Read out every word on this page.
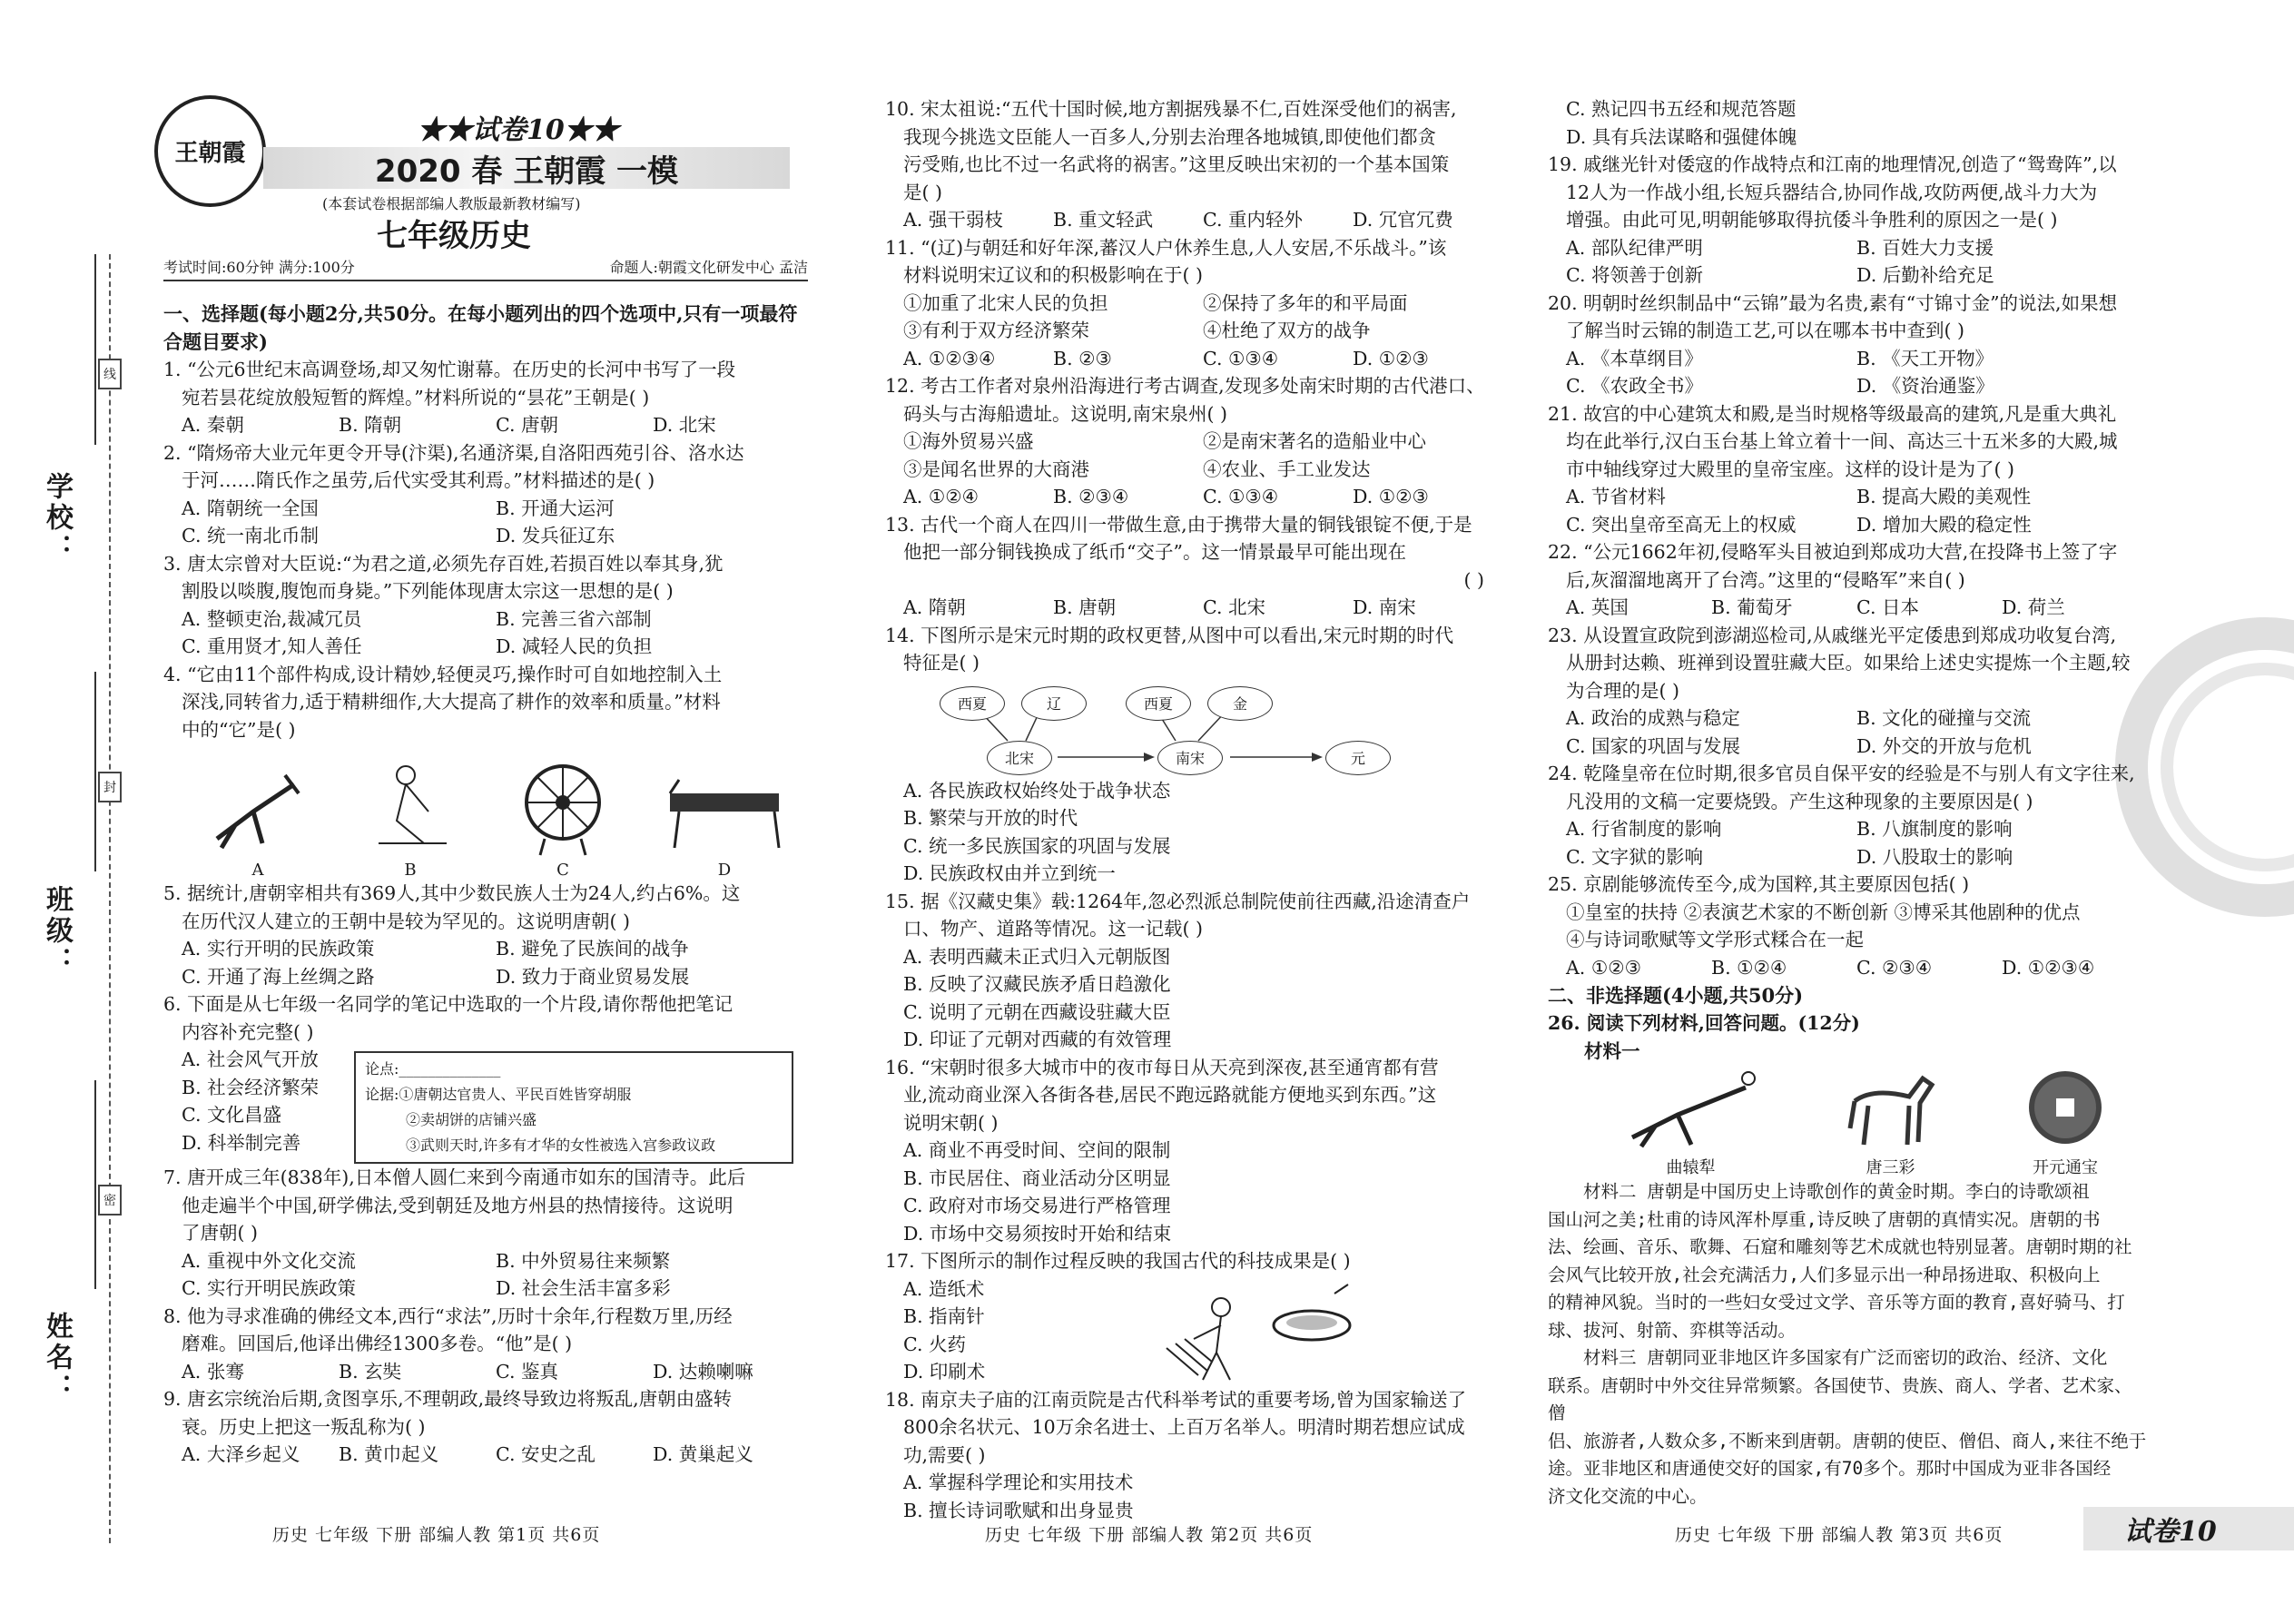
学校：
班级：
姓名：
线
封
密
王朝霞
★★试卷10★★
2020 春 王朝霞 一模
(本套试卷根据部编人教版最新教材编写)
七年级历史
考试时间:60分钟 满分:100分	命题人:朝霞文化研发中心 孟洁

一、选择题(每小题2分,共50分。在每小题列出的四个选项中,只有一项最符合题目要求)

1. “公元6世纪末高调登场,却又匆忙谢幕。在历史的长河中书写了一段

宛若昙花绽放般短暂的辉煌。”材料所说的“昙花”王朝是( )

A. 秦朝	B. 隋朝	C. 唐朝	D. 北宋

2. “隋炀帝大业元年更令开导(汴渠),名通济渠,自洛阳西苑引谷、洛水达

于河……隋氏作之虽劳,后代实受其利焉。”材料描述的是( )

A. 隋朝统一全国	B. 开通大运河
C. 统一南北币制	D. 发兵征辽东

3. 唐太宗曾对大臣说:“为君之道,必须先存百姓,若损百姓以奉其身,犹

割股以啖腹,腹饱而身毙。”下列能体现唐太宗这一思想的是( )

A. 整顿吏治,裁减冗员	B. 完善三省六部制
C. 重用贤才,知人善任	D. 减轻人民的负担

4. “它由11个部件构成,设计精妙,轻便灵巧,操作时可自如地控制入土

深浅,同转省力,适于精耕细作,大大提高了耕作的效率和质量。”材料

中的“它”是( )

A	B	C	D

5. 据统计,唐朝宰相共有369人,其中少数民族人士为24人,约占6%。这

在历代汉人建立的王朝中是较为罕见的。这说明唐朝( )

A. 实行开明的民族政策	B. 避免了民族间的战争
C. 开通了海上丝绸之路	D. 致力于商业贸易发展

6. 下面是从七年级一名同学的笔记中选取的一个片段,请你帮他把笔记

内容补充完整( )

A. 社会风气开放
B. 社会经济繁荣
C. 文化昌盛
D. 科举制完善
论点:______________
论据:①唐朝达官贵人、平民百姓皆穿胡服
②卖胡饼的店铺兴盛
③武则天时,许多有才华的女性被选入宫参政议政

7. 唐开成三年(838年),日本僧人圆仁来到今南通市如东的国清寺。此后

他走遍半个中国,研学佛法,受到朝廷及地方州县的热情接待。这说明

了唐朝( )

A. 重视中外文化交流	B. 中外贸易往来频繁
C. 实行开明民族政策	D. 社会生活丰富多彩

8. 他为寻求准确的佛经文本,西行“求法”,历时十余年,行程数万里,历经

磨难。回国后,他译出佛经1300多卷。“他”是( )

A. 张骞	B. 玄奘	C. 鉴真	D. 达赖喇嘛

9. 唐玄宗统治后期,贪图享乐,不理朝政,最终导致边将叛乱,唐朝由盛转

衰。历史上把这一叛乱称为( )

A. 大泽乡起义	B. 黄巾起义	C. 安史之乱	D. 黄巢起义
历史 七年级 下册 部编人教 第1页 共6页

10. 宋太祖说:“五代十国时候,地方割据残暴不仁,百姓深受他们的祸害,

我现今挑选文臣能人一百多人,分别去治理各地城镇,即使他们都贪

污受贿,也比不过一名武将的祸害。”这里反映出宋初的一个基本国策

是( )

A. 强干弱枝	B. 重文轻武	C. 重内轻外	D. 冗官冗费

11. “(辽)与朝廷和好年深,蕃汉人户休养生息,人人安居,不乐战斗。”该

材料说明宋辽议和的积极影响在于( )

①加重了北宋人民的负担	②保持了多年的和平局面
③有利于双方经济繁荣	④杜绝了双方的战争
A. ①②③④	B. ②③	C. ①③④	D. ①②③

12. 考古工作者对泉州沿海进行考古调查,发现多处南宋时期的古代港口、

码头与古海船遗址。这说明,南宋泉州( )

①海外贸易兴盛	②是南宋著名的造船业中心
③是闻名世界的大商港	④农业、手工业发达
A. ①②④	B. ②③④	C. ①③④	D. ①②③

13. 古代一个商人在四川一带做生意,由于携带大量的铜钱银锭不便,于是

他把一部分铜钱换成了纸币“交子”。这一情景最早可能出现在

( )

A. 隋朝	B. 唐朝	C. 北宋	D. 南宋

14. 下图所示是宋元时期的政权更替,从图中可以看出,宋元时期的时代

特征是( )

西夏	辽
北宋
西夏	金
南宋	元
A. 各民族政权始终处于战争状态
B. 繁荣与开放的时代
C. 统一多民族国家的巩固与发展
D. 民族政权由并立到统一

15. 据《汉藏史集》载:1264年,忽必烈派总制院使前往西藏,沿途清查户

口、物产、道路等情况。这一记载( )

A. 表明西藏未正式归入元朝版图
B. 反映了汉藏民族矛盾日趋激化
C. 说明了元朝在西藏设驻藏大臣
D. 印证了元朝对西藏的有效管理

16. “宋朝时很多大城市中的夜市每日从天亮到深夜,甚至通宵都有营

业,流动商业深入各街各巷,居民不跑远路就能方便地买到东西。”这

说明宋朝( )

A. 商业不再受时间、空间的限制
B. 市民居住、商业活动分区明显
C. 政府对市场交易进行严格管理
D. 市场中交易须按时开始和结束

17. 下图所示的制作过程反映的我国古代的科技成果是( )

A. 造纸术
B. 指南针
C. 火药
D. 印刷术

18. 南京夫子庙的江南贡院是古代科举考试的重要考场,曾为国家输送了

800余名状元、10万余名进士、上百万名举人。明清时期若想应试成

功,需要( )

A. 掌握科学理论和实用技术
B. 擅长诗词歌赋和出身显贵
历史 七年级 下册 部编人教 第2页 共6页
C. 熟记四书五经和规范答题
D. 具有兵法谋略和强健体魄

19. 戚继光针对倭寇的作战特点和江南的地理情况,创造了“鸳鸯阵”,以

12人为一作战小组,长短兵器结合,协同作战,攻防两便,战斗力大为

增强。由此可见,明朝能够取得抗倭斗争胜利的原因之一是( )

A. 部队纪律严明	B. 百姓大力支援
C. 将领善于创新	D. 后勤补给充足

20. 明朝时丝织制品中“云锦”最为名贵,素有“寸锦寸金”的说法,如果想

了解当时云锦的制造工艺,可以在哪本书中查到( )

A. 《本草纲目》	B. 《天工开物》
C. 《农政全书》	D. 《资治通鉴》

21. 故宫的中心建筑太和殿,是当时规格等级最高的建筑,凡是重大典礼

均在此举行,汉白玉台基上耸立着十一间、高达三十五米多的大殿,城

市中轴线穿过大殿里的皇帝宝座。这样的设计是为了( )

A. 节省材料	B. 提高大殿的美观性
C. 突出皇帝至高无上的权威	D. 增加大殿的稳定性

22. “公元1662年初,侵略军头目被迫到郑成功大营,在投降书上签了字

后,灰溜溜地离开了台湾。”这里的“侵略军”来自( )

A. 英国	B. 葡萄牙	C. 日本	D. 荷兰

23. 从设置宣政院到澎湖巡检司,从戚继光平定倭患到郑成功收复台湾,

从册封达赖、班禅到设置驻藏大臣。如果给上述史实提炼一个主题,较

为合理的是( )

A. 政治的成熟与稳定	B. 文化的碰撞与交流
C. 国家的巩固与发展	D. 外交的开放与危机

24. 乾隆皇帝在位时期,很多官员自保平安的经验是不与别人有文字往来,

凡没用的文稿一定要烧毁。产生这种现象的主要原因是( )

A. 行省制度的影响	B. 八旗制度的影响
C. 文字狱的影响	D. 八股取士的影响

25. 京剧能够流传至今,成为国粹,其主要原因包括( )

①皇室的扶持 ②表演艺术家的不断创新 ③博采其他剧种的优点

④与诗词歌赋等文学形式糅合在一起

A. ①②③	B. ①②④	C. ②③④	D. ①②③④

二、非选择题(4小题,共50分)

26. 阅读下列材料,回答问题。(12分)

材料一

曲辕犁	唐三彩	开元通宝

材料二 唐朝是中国历史上诗歌创作的黄金时期。李白的诗歌颂祖

国山河之美;杜甫的诗风浑朴厚重,诗反映了唐朝的真情实况。唐朝的书

法、绘画、音乐、歌舞、石窟和雕刻等艺术成就也特别显著。唐朝时期的社

会风气比较开放,社会充满活力,人们多显示出一种昂扬进取、积极向上

的精神风貌。当时的一些妇女受过文学、音乐等方面的教育,喜好骑马、打

球、拔河、射箭、弈棋等活动。

材料三 唐朝同亚非地区许多国家有广泛而密切的政治、经济、文化

联系。唐朝时中外交往异常频繁。各国使节、贵族、商人、学者、艺术家、僧

侣、旅游者,人数众多,不断来到唐朝。唐朝的使臣、僧侣、商人,来往不绝于

途。亚非地区和唐通使交好的国家,有70多个。那时中国成为亚非各国经

济文化交流的中心。

历史 七年级 下册 部编人教 第3页 共6页	试卷10
